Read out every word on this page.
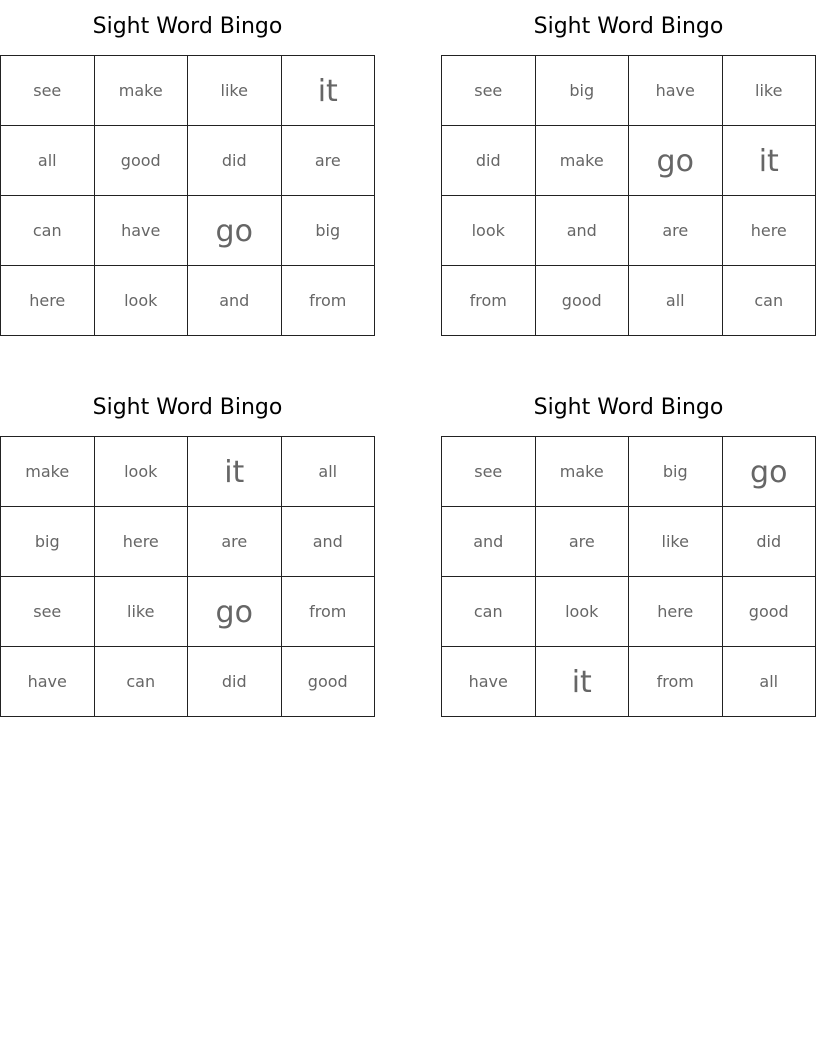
Sight Word Bingo
see	make	like	it
all	good	did	are
can	have	go	big
here	look	and	from
Sight Word Bingo
see	big	have	like
did	make	go	it
look	and	are	here
from	good	all	can
Sight Word Bingo
make	look	it	all
big	here	are	and
see	like	go	from
have	can	did	good
Sight Word Bingo
see	make	big	go
and	are	like	did
can	look	here	good
have	it	from	all
